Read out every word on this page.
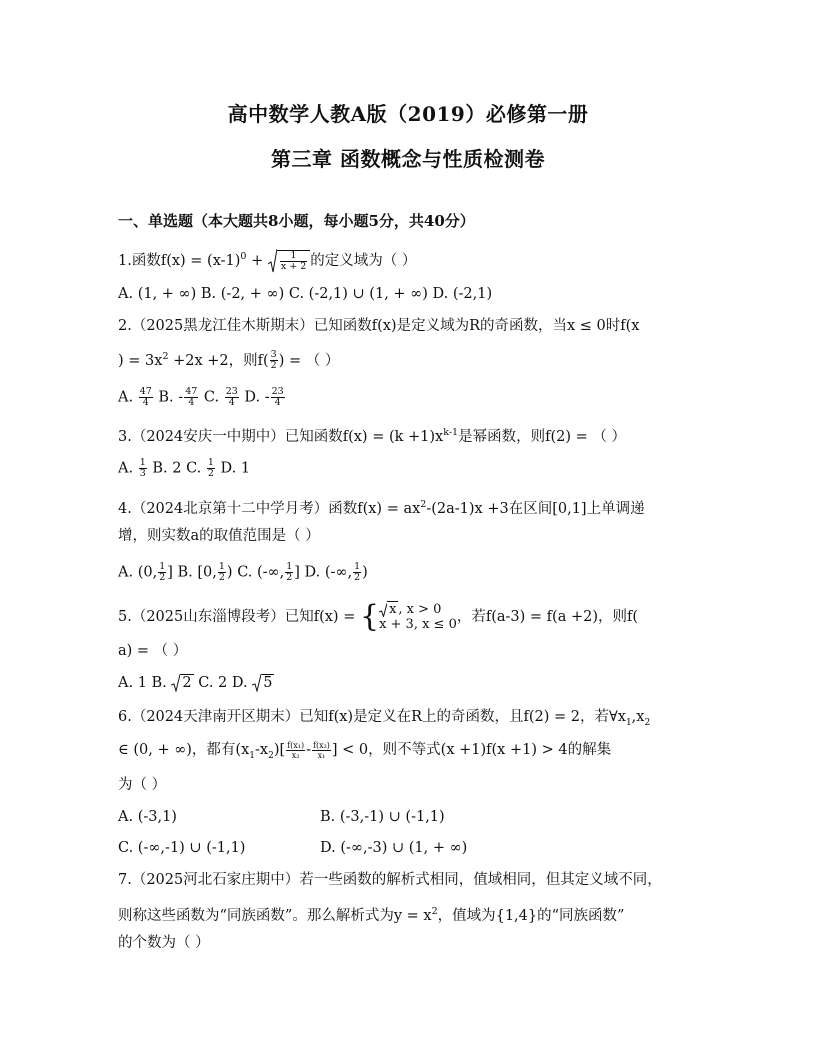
高中数学人教A版（2019）必修第一册
第三章 函数概念与性质检测卷
一、单选题（本大题共8小题，每小题5分，共40分）
1.函数$f(x) = (x-1)^0 + \frac{1}{x + 2}$ 的定义域为（ ）
A. (1, + ∞) B. (-2, + ∞) C. (-2,1) ∪ (1, + ∞) D. (-2,1)
2.（2025黑龙江佳木斯期末）已知函数f(x)是定义域为R的奇函数，当x ≤ 0时f(x
) = $3x^2 +2x +2$，则$f( \frac{3}{2}$ ) = （ ）
A. $\frac{47}{4} B$. - $\frac{47}{4} C$. $\frac{23}{4} D$. - $\frac{23}{4}$
3.（2024安庆一中期中）已知函数$f(x) = (k +1)x^{k-1}$是幂函数，则f(2) = （ ）
A. $\frac{1}{3} B$. 2 C. $\frac{1}{2} D$. 1
4.（2024北京第十二中学月考）函数$f(x) = ax^2-(2a-1)x +3$在区间[0,1]上单调递
增，则实数a的取值范围是（ ）
A. (0, $\frac{1}{2}$ ] B. [0, $\frac{1}{2}$ ) C. (-∞, $\frac{1}{2}$ ] D. (-∞, $\frac{1}{2}$ )
5.（2025山东淄博段考）已知f(x) = { x , x > 0
x + 3, x ≤ 0 ，若f(a-3) = f(a +2)，则f(
a) = （ ）
A. 1 B. 2 C. 2 D. 5
6.（2024天津南开区期末）已知f(x)是定义在R上的奇函数，且f(2) = 2，若$\forall x_1,x_2$
∈ (0, + ∞)，都有$(x_1-x_2)[ \frac{\text{f(x₁)}}{\text{x₂}} - \frac{\text{f(x₂)}}{\text{x₁}}$ ] < 0，则不等式(x +1)f(x +1) > 4的解集
为（ ）
A. (-3,1)	B. (-3,-1) ∪ (-1,1)
C. (-∞,-1) ∪ (-1,1)	D. (-∞,-3) ∪ (1, + ∞)
7.（2025河北石家庄期中）若一些函数的解析式相同，值域相同，但其定义域不同，
则称这些函数为“同族函数”。那么解析式为$y = x^2$，值域为{1,4}的“同族函数”
的个数为（ ）
